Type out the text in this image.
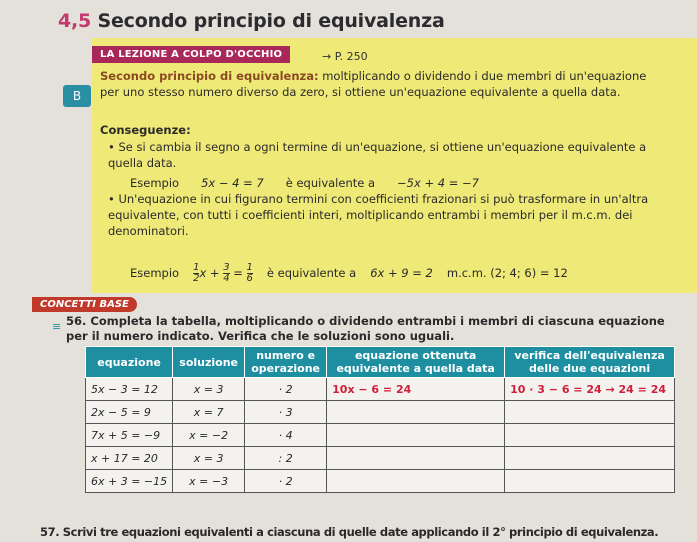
4,5 Secondo principio di equivalenza
LA LEZIONE A COLPO D'OCCHIO	→ P. 250
B
Secondo principio di equivalenza: moltiplicando o dividendo i due membri di un'equazione per uno stesso numero diverso da zero, si ottiene un'equazione equivalente a quella data.
Conseguenze:
• Se si cambia il segno a ogni termine di un'equazione, si ottiene un'equazione equivalente a quella data.
Esempio 5x − 4 = 7 è equivalente a −5x + 4 = −7
• Un'equazione in cui figurano termini con coefficienti frazionari si può trasformare in un'altra equivalente, con tutti i coefficienti interi, moltiplicando entrambi i membri per il m.c.m. dei denominatori.
Esempio $\frac{1}{2}$ $x + \frac{3}{4} = \frac{1}{6}$ è equivalente a 6x + 9 = 2 m.c.m. (2; 4; 6) = 12
CONCETTI BASE
≡ 56. Completa la tabella, moltiplicando o dividendo entrambi i membri di ciascuna equazione per il numero indicato. Verifica che le soluzioni sono uguali.
equazione	soluzione	numero e operazione	equazione ottenuta equivalente a quella data	verifica dell'equivalenza delle due equazioni
5x − 3 = 12	x = 3	· 2	10x − 6 = 24	10 · 3 − 6 = 24 → 24 = 24
2x − 5 = 9	x = 7	· 3		
7x + 5 = −9	x = −2	· 4		
x + 17 = 20	x = 3	: 2		
6x + 3 = −15	x = −3	· 2		
57. Scrivi tre equazioni equivalenti a ciascuna di quelle date applicando il 2° principio di equivalenza.
